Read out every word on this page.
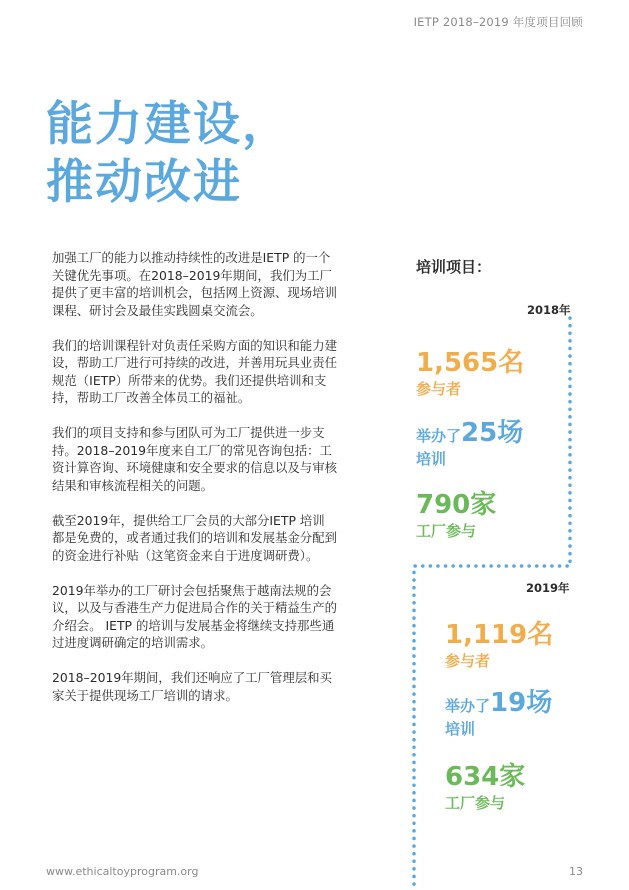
IETP 2018–2019 年度项目回顾
能力建设，
推动改进

加强工厂的能力以推动持续性的改进是IETP 的一个关键优先事项。在2018–2019年期间，我们为工厂提供了更丰富的培训机会，包括网上资源、现场培训课程、研讨会及最佳实践圆桌交流会。

我们的培训课程针对负责任采购方面的知识和能力建设，帮助工厂进行可持续的改进，并善用玩具业责任规范（IETP）所带来的优势。我们还提供培训和支持，帮助工厂改善全体员工的福祉。

我们的项目支持和参与团队可为工厂提供进一步支持。2018–2019年度来自工厂的常见咨询包括：工资计算咨询、环境健康和安全要求的信息以及与审核结果和审核流程相关的问题。

截至2019年，提供给工厂会员的大部分IETP 培训都是免费的，或者通过我们的培训和发展基金分配到的资金进行补贴（这笔资金来自于进度调研费）。

2019年举办的工厂研讨会包括聚焦于越南法规的会议，以及与香港生产力促进局合作的关于精益生产的介绍会。 IETP 的培训与发展基金将继续支持那些通过进度调研确定的培训需求。

2018–2019年期间，我们还响应了工厂管理层和买家关于提供现场工厂培训的请求。

培训项目：
2018年
1,565名
参与者
举办了25场
培训
790家
工厂参与
2019年
1,119名
参与者
举办了19场
培训
634家
工厂参与
www.ethicaltoyprogram.org	13
